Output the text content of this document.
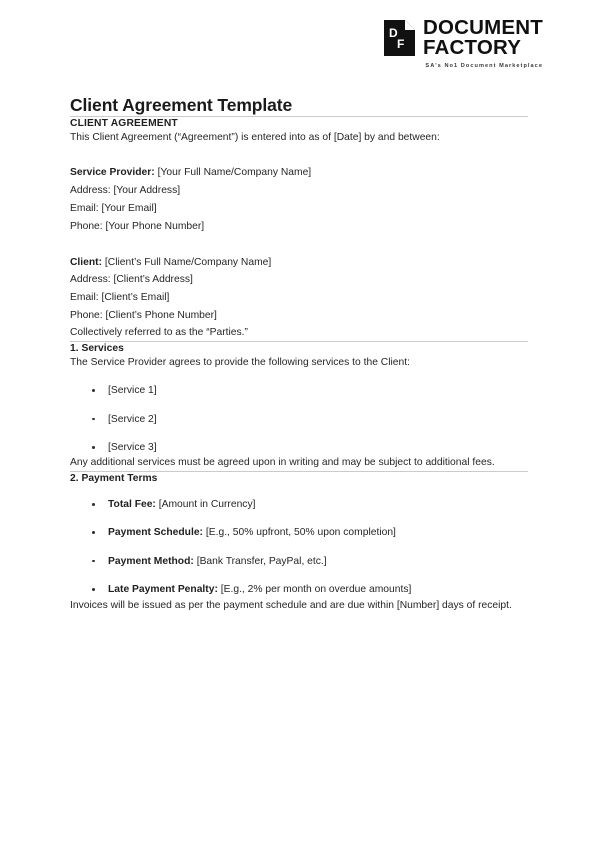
D
F
DOCUMENT
FACTORY
SA's No1 Document Marketplace
Client Agreement Template
CLIENT AGREEMENT

This Client Agreement (“Agreement”) is entered into as of [Date] by and between:

Service Provider: [Your Full Name/Company Name]
Address: [Your Address]
Email: [Your Email]
Phone: [Your Phone Number]
Client: [Client’s Full Name/Company Name]
Address: [Client’s Address]
Email: [Client’s Email]
Phone: [Client’s Phone Number]

Collectively referred to as the “Parties.”

1. Services

The Service Provider agrees to provide the following services to the Client:

[Service 1]
[Service 2]
[Service 3]

Any additional services must be agreed upon in writing and may be subject to additional fees.

2. Payment Terms
Total Fee: [Amount in Currency]
Payment Schedule: [E.g., 50% upfront, 50% upon completion]
Payment Method: [Bank Transfer, PayPal, etc.]
Late Payment Penalty: [E.g., 2% per month on overdue amounts]

Invoices will be issued as per the payment schedule and are due within [Number] days of receipt.
